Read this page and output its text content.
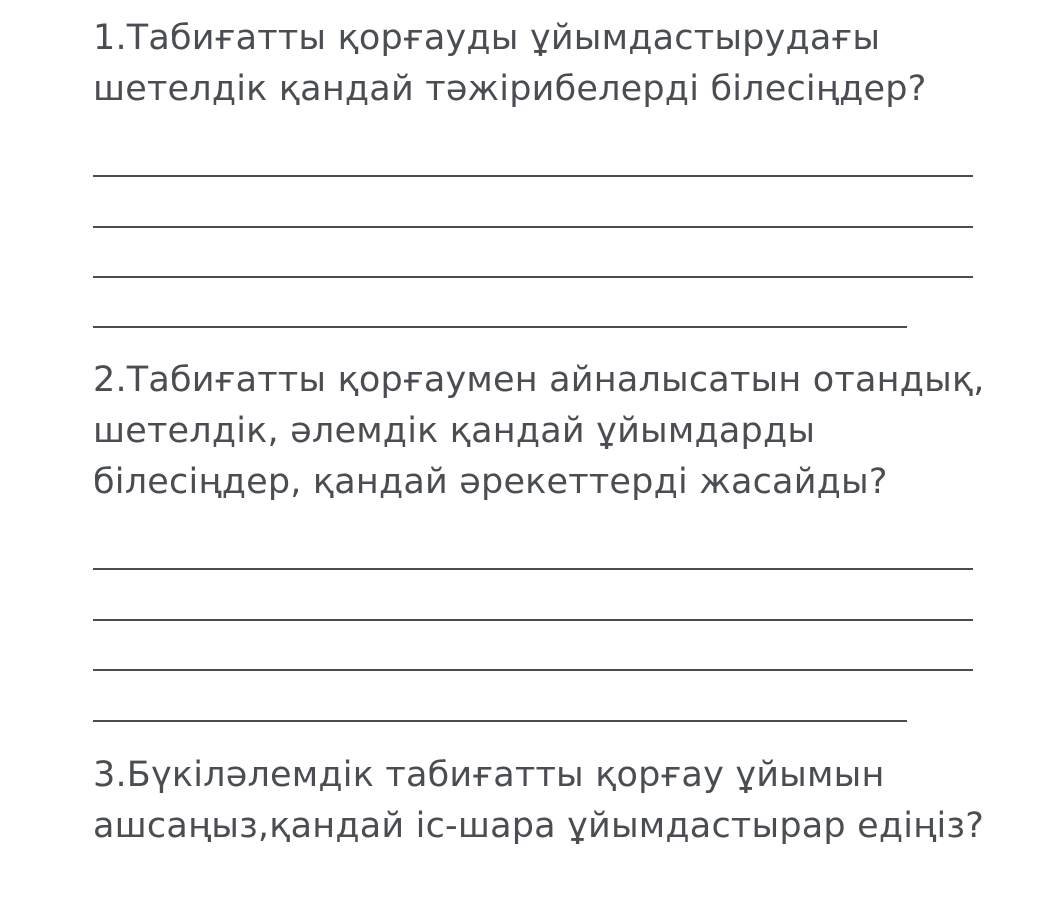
1.Табиғатты қорғауды ұйымдастырудағы
шетелдік қандай тәжірибелерді білесіңдер?
2.Табиғатты қорғаумен айналысатын отандық,
шетелдік, әлемдік қандай ұйымдарды
білесіңдер, қандай әрекеттерді жасайды?
3.Бүкіләлемдік табиғатты қорғау ұйымын
ашсаңыз,қандай іс-шара ұйымдастырар едіңіз?
